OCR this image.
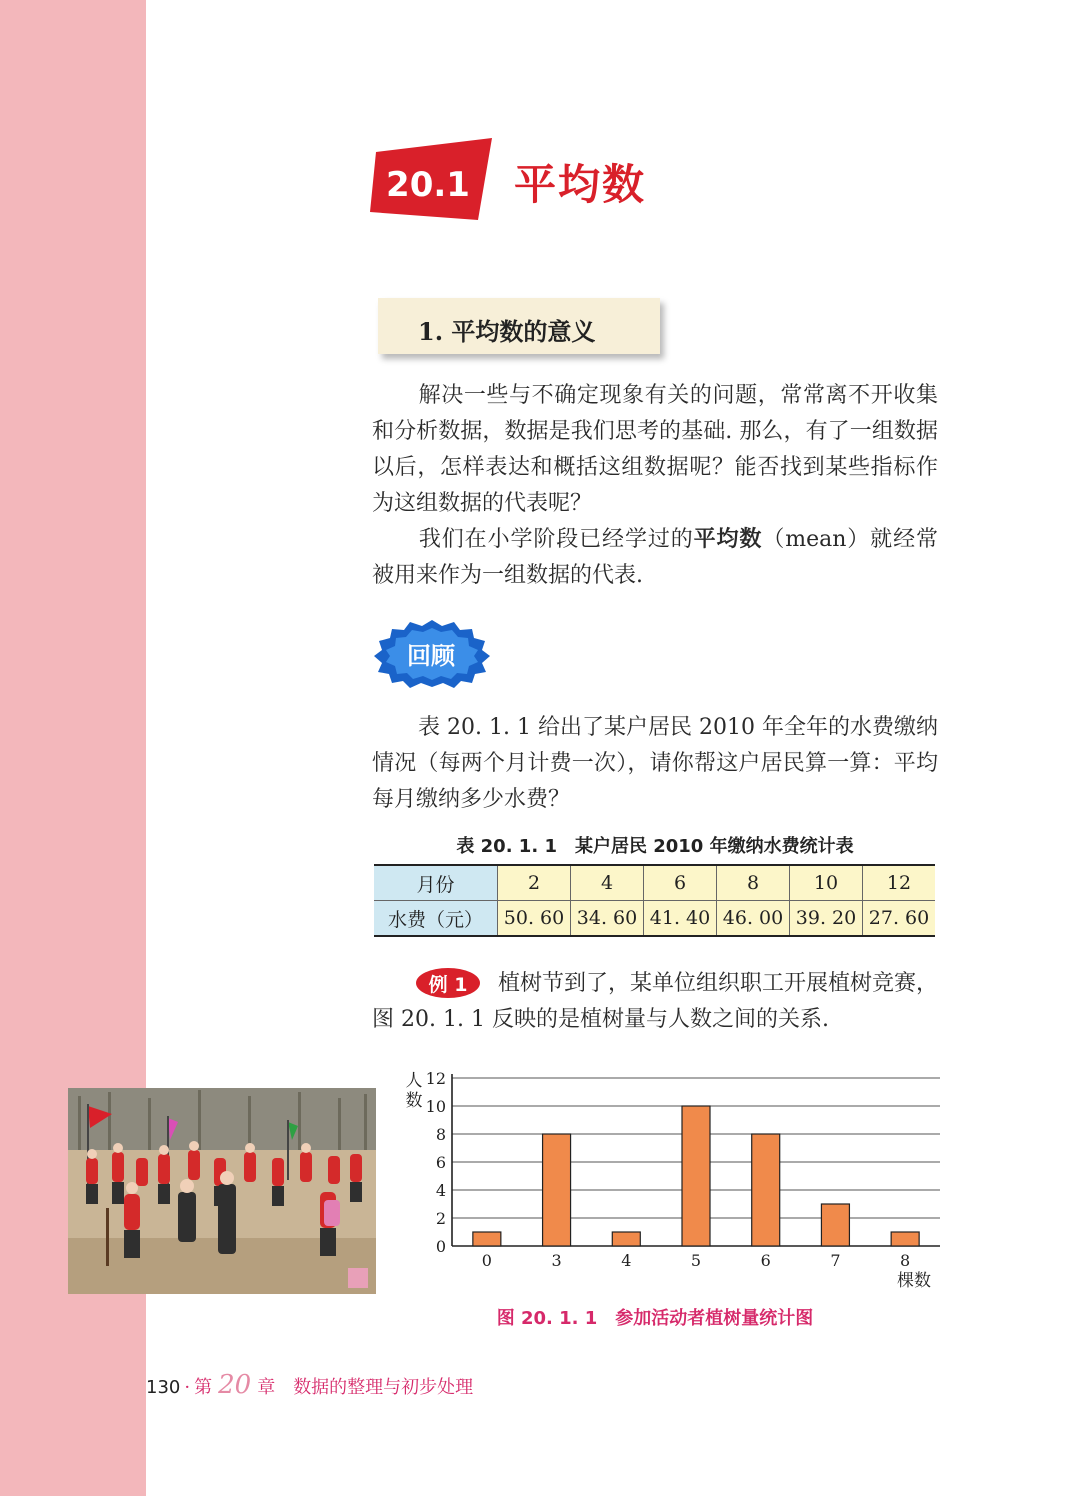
20.1 平均数
1. 平均数的意义

解决一些与不确定现象有关的问题，常常离不开收集和分析数据，数据是我们思考的基础. 那么，有了一组数据以后，怎样表达和概括这组数据呢？能否找到某些指标作为这组数据的代表呢？

我们在小学阶段已经学过的平均数（mean）就经常被用来作为一组数据的代表.

回顾

表 20. 1. 1 给出了某户居民 2010 年全年的水费缴纳情况（每两个月计费一次），请你帮这户居民算一算：平均每月缴纳多少水费？

表 20. 1. 1　某户居民 2010 年缴纳水费统计表
月份	2	4	6	8	10	12
水费（元）	50. 60	34. 60	41. 40	46. 00	39. 20	27. 60
例 1	植树节到了，某单位组织职工开展植树竞赛，图 20. 1. 1 反映的是植树量与人数之间的关系.

0
2
4
6
8
10
12
0	3	4	5	6	7	8
人
数
棵数
图 20. 1. 1　参加活动者植树量统计图
130 · 第 20 章 数据的整理与初步处理
